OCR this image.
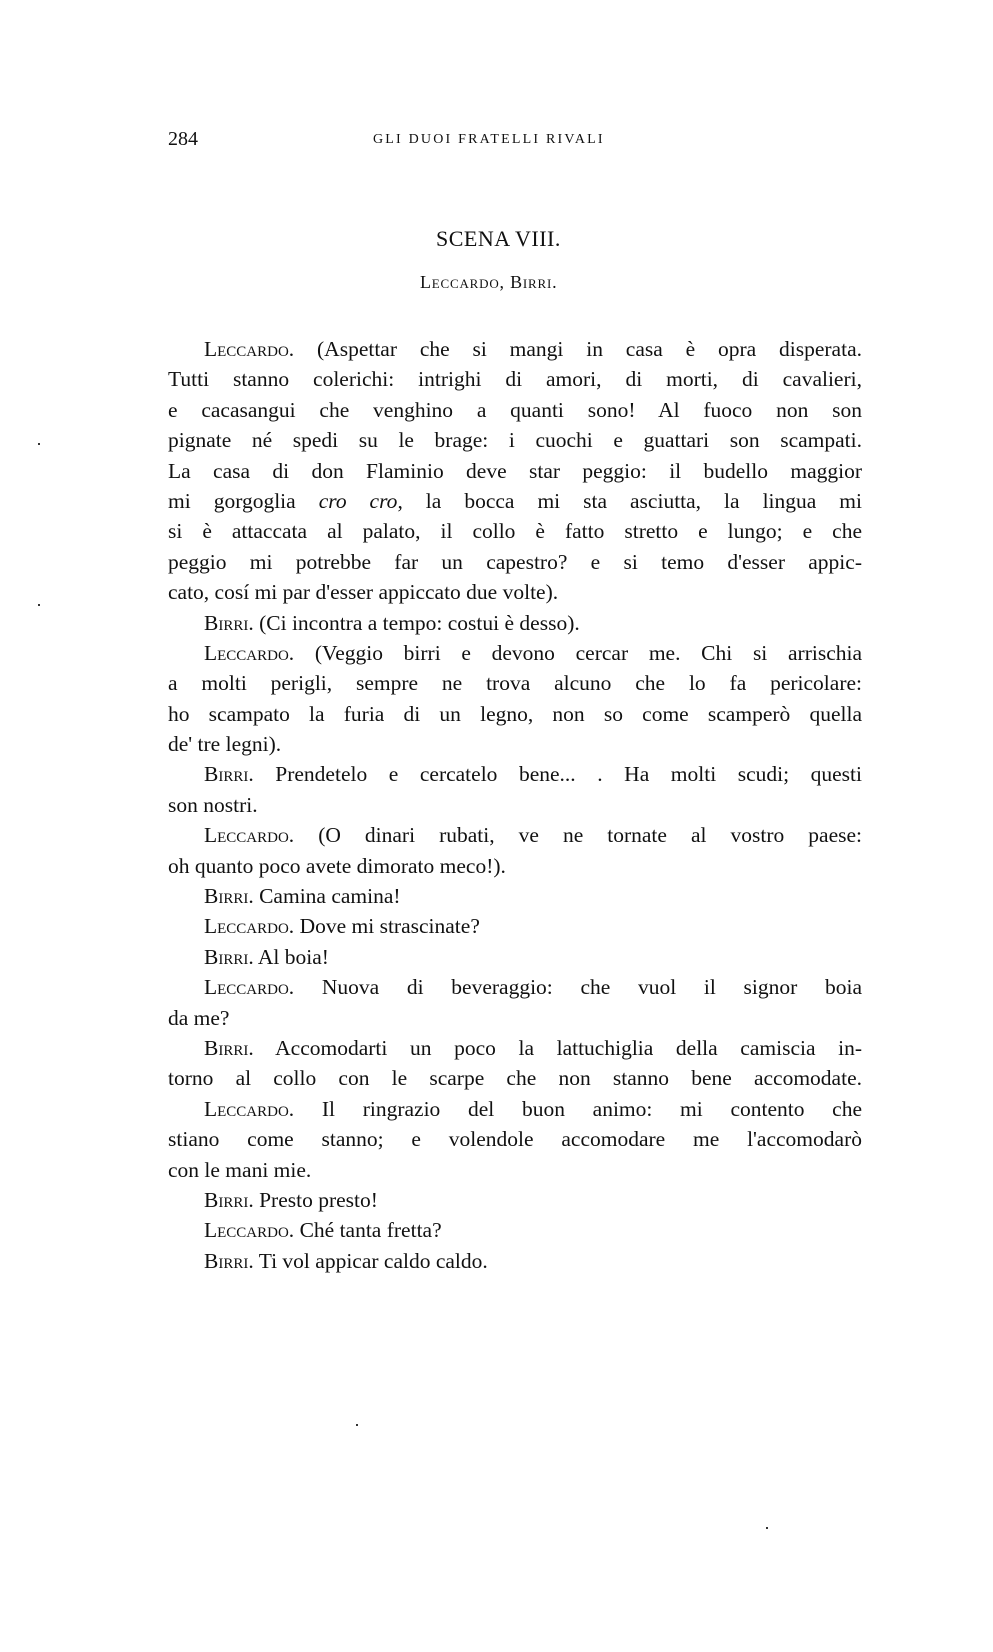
284	GLI DUOI FRATELLI RIVALI
SCENA VIII.
Leccardo, Birri.
Leccardo. (Aspettar che si mangi in casa è opra disperata.
Tutti stanno colerichi: intrighi di amori, di morti, di cavalieri,
e cacasangui che venghino a quanti sono! Al fuoco non son
pignate né spedi su le brage: i cuochi e guattari son scampati.
La casa di don Flaminio deve star peggio: il budello maggior
mi gorgoglia cro cro, la bocca mi sta asciutta, la lingua mi
si è attaccata al palato, il collo è fatto stretto e lungo; e che
peggio mi potrebbe far un capestro? e si temo d'esser appic-
cato, cosí mi par d'esser appiccato due volte).
Birri. (Ci incontra a tempo: costui è desso).
Leccardo. (Veggio birri e devono cercar me. Chi si arrischia
a molti perigli, sempre ne trova alcuno che lo fa pericolare:
ho scampato la furia di un legno, non so come scamperò quella
de' tre legni).
Birri. Prendetelo e cercatelo bene... . Ha molti scudi; questi
son nostri.
Leccardo. (O dinari rubati, ve ne tornate al vostro paese:
oh quanto poco avete dimorato meco!).
Birri. Camina camina!
Leccardo. Dove mi strascinate?
Birri. Al boia!
Leccardo. Nuova di beveraggio: che vuol il signor boia
da me?
Birri. Accomodarti un poco la lattuchiglia della camiscia in-
torno al collo con le scarpe che non stanno bene accomodate.
Leccardo. Il ringrazio del buon animo: mi contento che
stiano come stanno; e volendole accomodare me l'accomodarò
con le mani mie.
Birri. Presto presto!
Leccardo. Ché tanta fretta?
Birri. Ti vol appicar caldo caldo.
